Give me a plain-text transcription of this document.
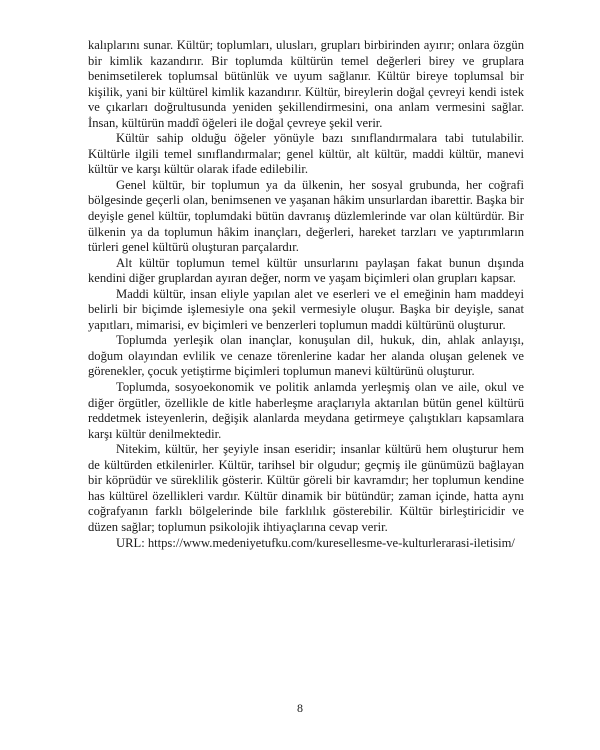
kalıplarını sunar. Kültür; toplumları, ulusları, grupları birbirinden ayırır; onlara özgün bir kimlik kazandırır. Bir toplumda kültürün temel değerleri birey ve gruplara benimsetilerek toplumsal bütünlük ve uyum sağlanır. Kültür bireye toplumsal bir kişilik, yani bir kültürel kimlik kazandırır. Kültür, bireylerin doğal çevreyi kendi istek ve çıkarları doğrultusunda yeniden şekillendirmesini, ona anlam vermesini sağlar. İnsan, kültürün maddî öğeleri ile doğal çevreye şekil verir.

Kültür sahip olduğu öğeler yönüyle bazı sınıflandırmalara tabi tutulabilir. Kültürle ilgili temel sınıflandırmalar; genel kültür, alt kültür, maddi kültür, manevi kültür ve karşı kültür olarak ifade edilebilir.

Genel kültür, bir toplumun ya da ülkenin, her sosyal grubunda, her coğrafi bölgesinde geçerli olan, benimsenen ve yaşanan hâkim unsurlardan ibarettir. Başka bir deyişle genel kültür, toplumdaki bütün davranış düzlemlerinde var olan kültürdür. Bir ülkenin ya da toplumun hâkim inançları, değerleri, hareket tarzları ve yaptırımların türleri genel kültürü oluşturan parçalardır.

Alt kültür toplumun temel kültür unsurlarını paylaşan fakat bunun dışında kendini diğer gruplardan ayıran değer, norm ve yaşam biçimleri olan grupları kapsar.

Maddi kültür, insan eliyle yapılan alet ve eserleri ve el emeğinin ham maddeyi belirli bir biçimde işlemesiyle ona şekil vermesiyle oluşur. Başka bir deyişle, sanat yapıtları, mimarisi, ev biçimleri ve benzerleri toplumun maddi kültürünü oluşturur.

Toplumda yerleşik olan inançlar, konuşulan dil, hukuk, din, ahlak anlayışı, doğum olayından evlilik ve cenaze törenlerine kadar her alanda oluşan gelenek ve görenekler, çocuk yetiştirme biçimleri toplumun manevi kültürünü oluşturur.

Toplumda, sosyoekonomik ve politik anlamda yerleşmiş olan ve aile, okul ve diğer örgütler, özellikle de kitle haberleşme araçlarıyla aktarılan bütün genel kültürü reddetmek isteyenlerin, değişik alanlarda meydana getirmeye çalıştıkları kapsamlara karşı kültür denilmektedir.

Nitekim, kültür, her şeyiyle insan eseridir; insanlar kültürü hem oluşturur hem de kültürden etkilenirler. Kültür, tarihsel bir olgudur; geçmiş ile günümüzü bağlayan bir köprüdür ve süreklilik gösterir. Kültür göreli bir kavramdır; her toplumun kendine has kültürel özellikleri vardır. Kültür dinamik bir bütündür; zaman içinde, hatta aynı coğrafyanın farklı bölgelerinde bile farklılık gösterebilir. Kültür birleştiricidir ve düzen sağlar; toplumun psikolojik ihtiyaçlarına cevap verir.

URL: https://www.medeniyetufku.com/kuresellesme-ve-kulturlerarasi-iletisim/

8
